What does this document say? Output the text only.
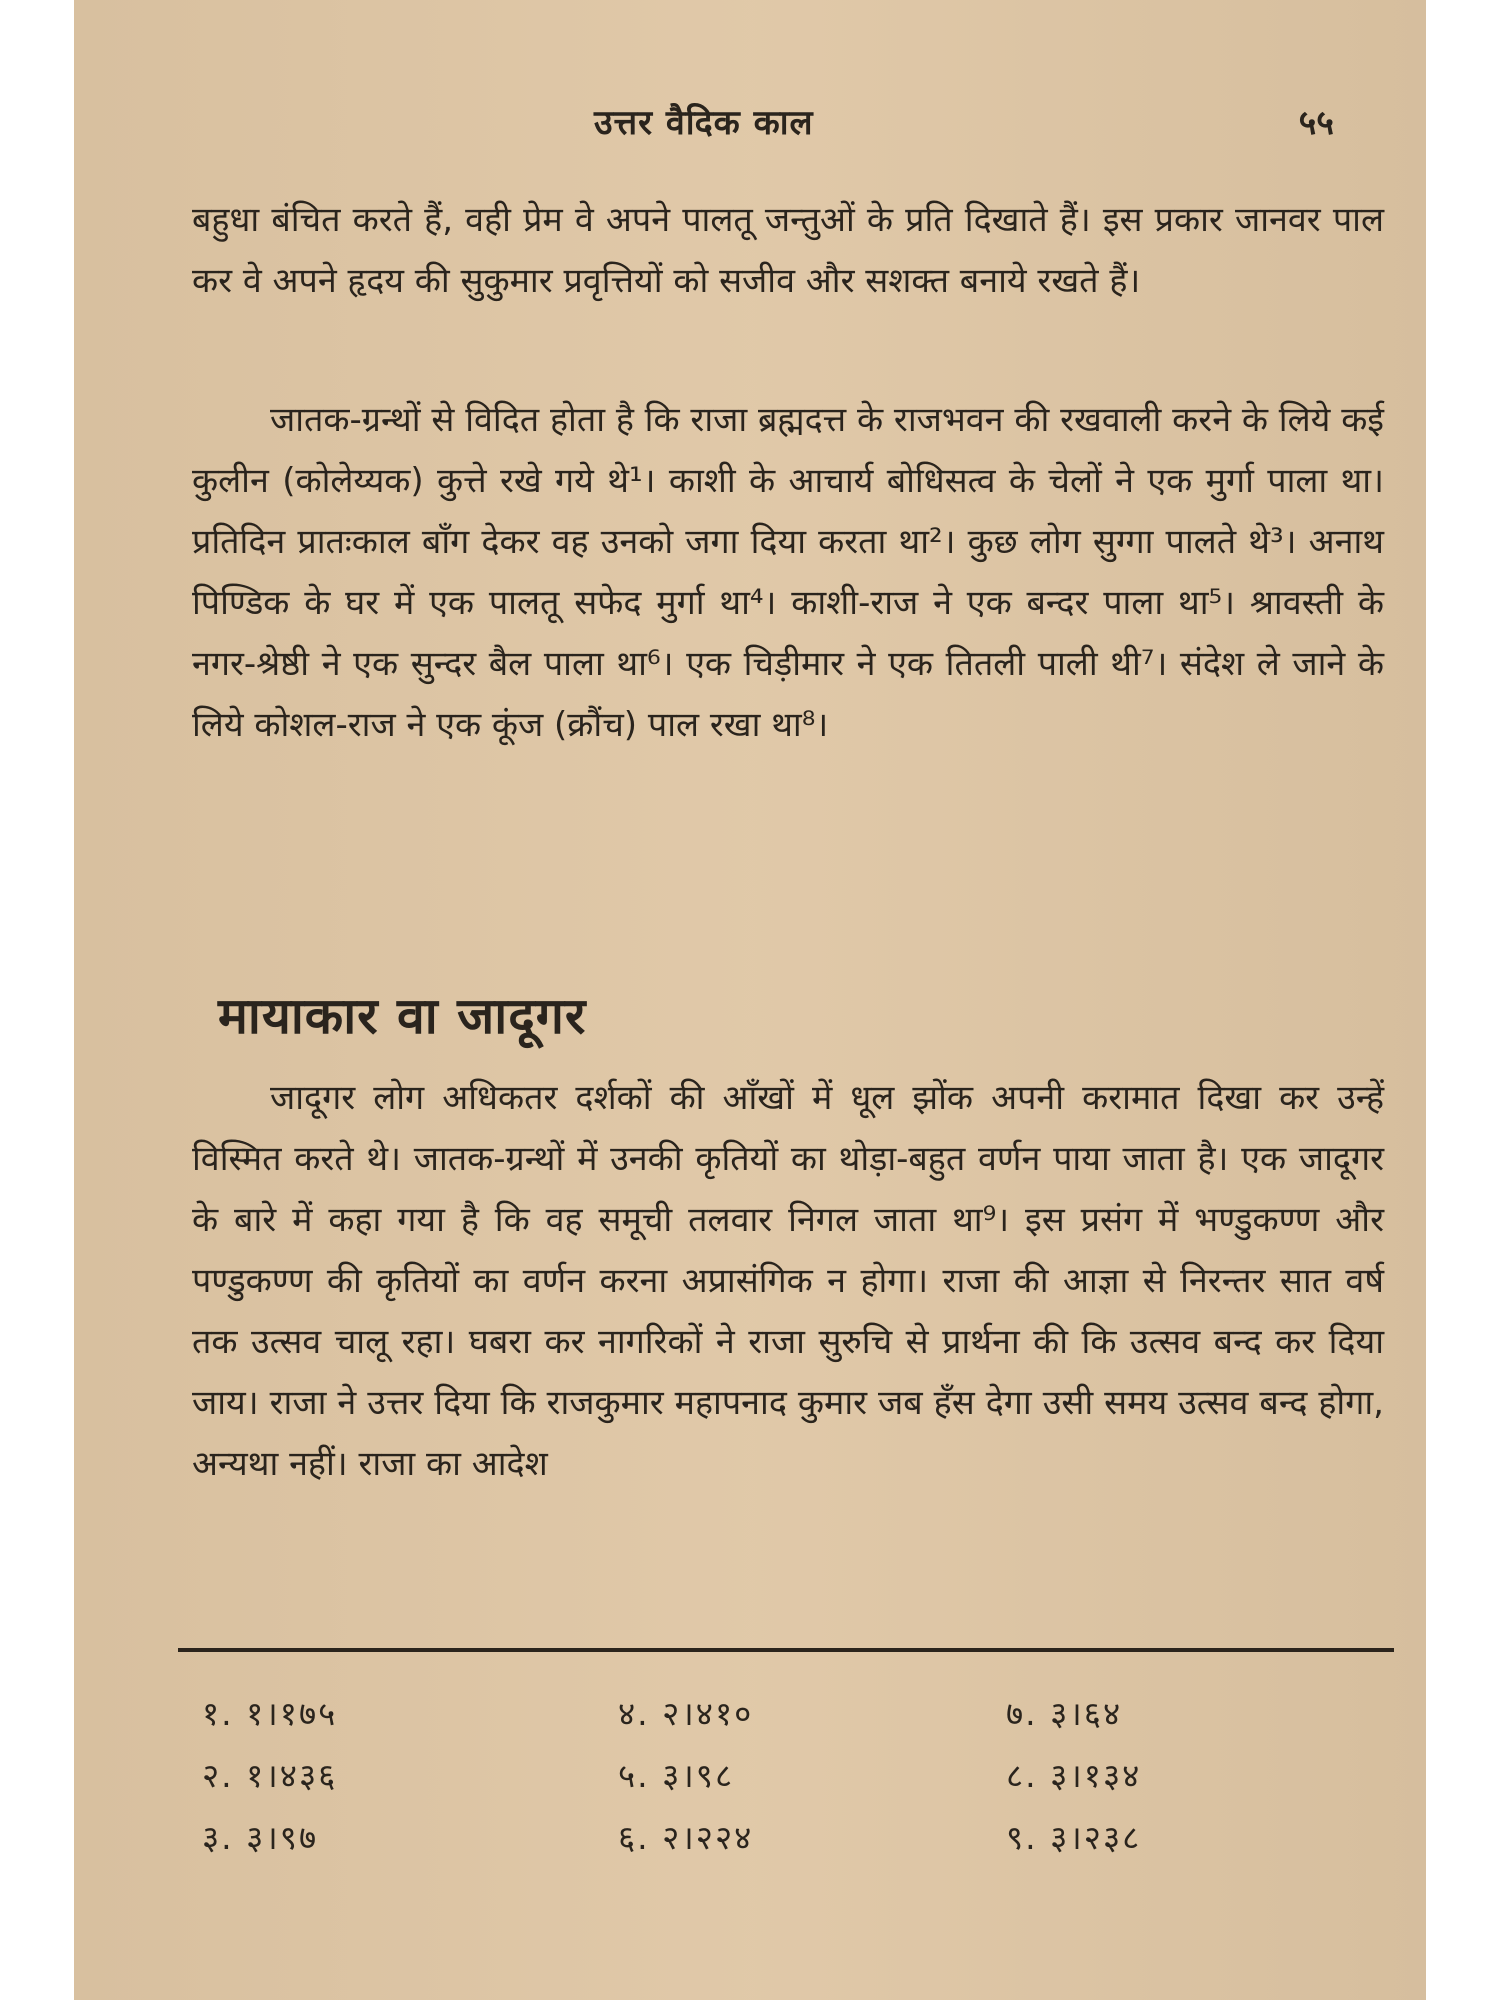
उत्तर वैदिक काल	५५

बहुधा बंचित करते हैं, वही प्रेम वे अपने पालतू जन्तुओं के प्रति दिखाते हैं। इस प्रकार जानवर पाल कर वे अपने हृदय की सुकुमार प्रवृत्तियों को सजीव और सशक्त बनाये रखते हैं।

जातक-ग्रन्थों से विदित होता है कि राजा ब्रह्मदत्त के राजभवन की रखवाली करने के लिये कई कुलीन (कोलेय्यक) कुत्ते रखे गये थे¹। काशी के आचार्य बोधिसत्व के चेलों ने एक मुर्गा पाला था। प्रतिदिन प्रातःकाल बाँग देकर वह उनको जगा दिया करता था²। कुछ लोग सुग्गा पालते थे³। अनाथ पिण्डिक के घर में एक पालतू सफेद मुर्गा था⁴। काशी-राज ने एक बन्दर पाला था⁵। श्रावस्ती के नगर-श्रेष्ठी ने एक सुन्दर बैल पाला था⁶। एक चिड़ीमार ने एक तितली पाली थी⁷। संदेश ले जाने के लिये कोशल-राज ने एक कूंज (क्रौंच) पाल रखा था⁸।

मायाकार वा जादूगर

जादूगर लोग अधिकतर दर्शकों की आँखों में धूल झोंक अपनी करामात दिखा कर उन्हें विस्मित करते थे। जातक-ग्रन्थों में उनकी कृतियों का थोड़ा-बहुत वर्णन पाया जाता है। एक जादूगर के बारे में कहा गया है कि वह समूची तलवार निगल जाता था⁹। इस प्रसंग में भण्डुकण्ण और पण्डुकण्ण की कृतियों का वर्णन करना अप्रासंगिक न होगा। राजा की आज्ञा से निरन्तर सात वर्ष तक उत्सव चालू रहा। घबरा कर नागरिकों ने राजा सुरुचि से प्रार्थना की कि उत्सव बन्द कर दिया जाय। राजा ने उत्तर दिया कि राजकुमार महापनाद कुमार जब हँस देगा उसी समय उत्सव बन्द होगा, अन्यथा नहीं। राजा का आदेश

१. १।१७५
२. १।४३६
३. ३।९७
४. २।४१०
५. ३।९८
६. २।२२४
७. ३।६४
८. ३।१३४
९. ३।२३८
